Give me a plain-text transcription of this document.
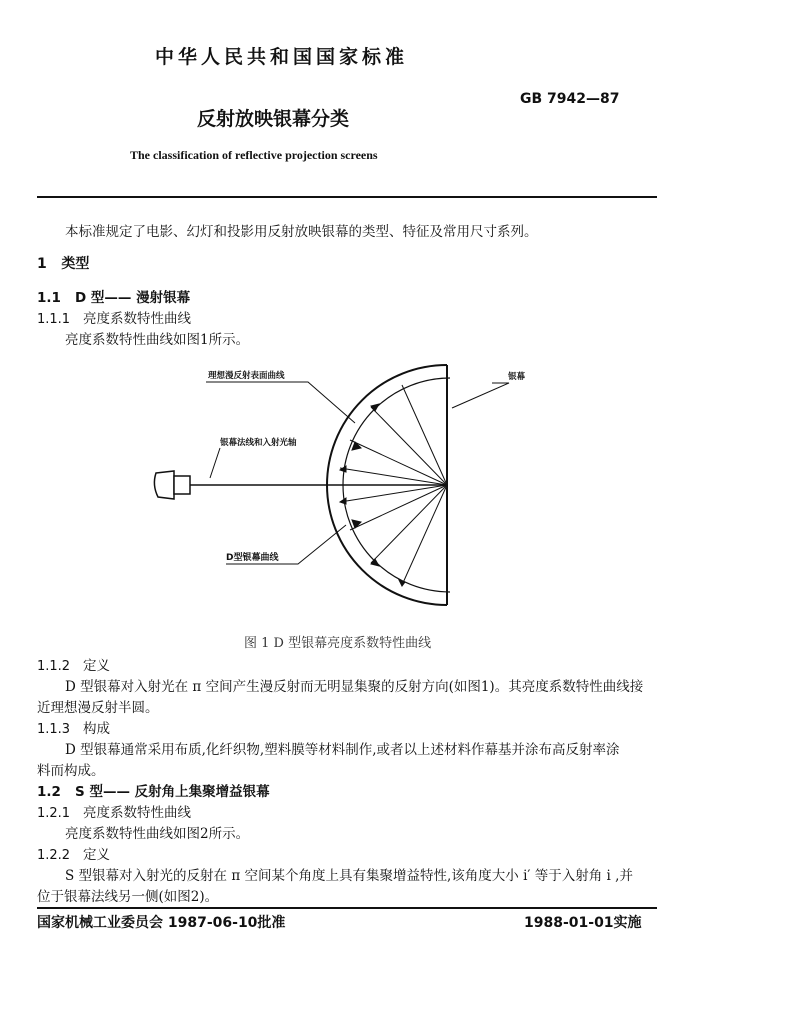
中华人民共和国国家标准
GB 7942—87
反射放映银幕分类
The classification of reflective projection screens
本标准规定了电影、幻灯和投影用反射放映银幕的类型、特征及常用尺寸系列。
1 类型
1.1 D 型—— 漫射银幕
1.1.1 亮度系数特性曲线
亮度系数特性曲线如图1所示。
理想漫反射表面曲线	银幕
银幕法线和入射光轴
D型银幕曲线
图 1 D 型银幕亮度系数特性曲线
1.1.2 定义
D 型银幕对入射光在 π 空间产生漫反射而无明显集聚的反射方向(如图1)。其亮度系数特性曲线接
近理想漫反射半圆。
1.1.3 构成
D 型银幕通常采用布质,化纤织物,塑料膜等材料制作,或者以上述材料作幕基并涂布高反射率涂
料而构成。
1.2 S 型—— 反射角上集聚增益银幕
1.2.1 亮度系数特性曲线
亮度系数特性曲线如图2所示。
1.2.2 定义
S 型银幕对入射光的反射在 π 空间某个角度上具有集聚增益特性,该角度大小 i′ 等于入射角 i ,并
位于银幕法线另一侧(如图2)。
国家机械工业委员会 1987-06-10批准	1988-01-01实施
